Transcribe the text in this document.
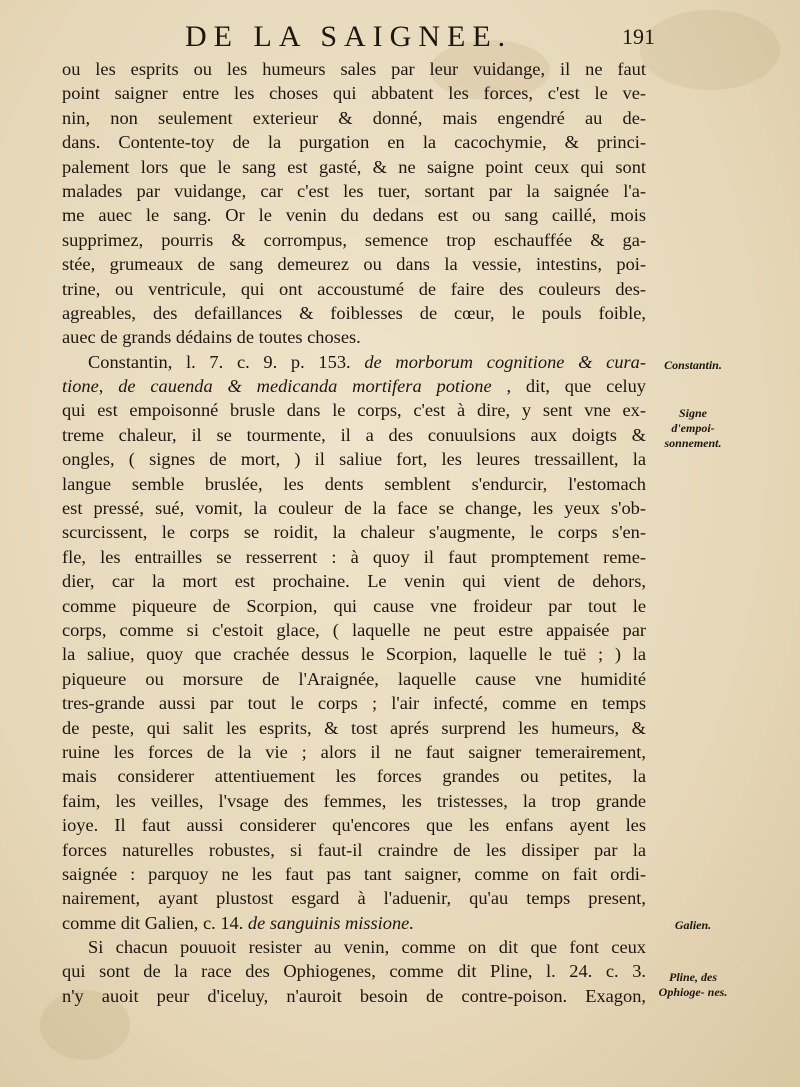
DE LA SAIGNEE.	191
ou les esprits ou les humeurs sales par leur vuidange, il ne faut
point saigner entre les choses qui abbatent les forces, c'est le ve-
nin, non seulement exterieur & donné, mais engendré au de-
dans. Contente-toy de la purgation en la cacochymie, & princi-
palement lors que le sang est gasté, & ne saigne point ceux qui sont
malades par vuidange, car c'est les tuer, sortant par la saignée l'a-
me auec le sang. Or le venin du dedans est ou sang caillé, mois
supprimez, pourris & corrompus, semence trop eschauffée & ga-
stée, grumeaux de sang demeurez ou dans la vessie, intestins, poi-
trine, ou ventricule, qui ont accoustumé de faire des couleurs des-
agreables, des defaillances & foiblesses de cœur, le pouls foible,
auec de grands dédains de toutes choses.
Constantin, l. 7. c. 9. p. 153. de morborum cognitione & cura-
tione, de cauenda & medicanda mortifera potione , dit, que celuy
qui est empoisonné brusle dans le corps, c'est à dire, y sent vne ex-
treme chaleur, il se tourmente, il a des conuulsions aux doigts &
ongles, ( signes de mort, ) il saliue fort, les leures tressaillent, la
langue semble bruslée, les dents semblent s'endurcir, l'estomach
est pressé, sué, vomit, la couleur de la face se change, les yeux s'ob-
scurcissent, le corps se roidit, la chaleur s'augmente, le corps s'en-
fle, les entrailles se resserrent : à quoy il faut promptement reme-
dier, car la mort est prochaine. Le venin qui vient de dehors,
comme piqueure de Scorpion, qui cause vne froideur par tout le
corps, comme si c'estoit glace, ( laquelle ne peut estre appaisée par
la saliue, quoy que crachée dessus le Scorpion, laquelle le tuë ; ) la
piqueure ou morsure de l'Araignée, laquelle cause vne humidité
tres-grande aussi par tout le corps ; l'air infecté, comme en temps
de peste, qui salit les esprits, & tost aprés surprend les humeurs, &
ruine les forces de la vie ; alors il ne faut saigner temerairement,
mais considerer attentiuement les forces grandes ou petites, la
faim, les veilles, l'vsage des femmes, les tristesses, la trop grande
ioye. Il faut aussi considerer qu'encores que les enfans ayent les
forces naturelles robustes, si faut-il craindre de les dissiper par la
saignée : parquoy ne les faut pas tant saigner, comme on fait ordi-
nairement, ayant plustost esgard à l'aduenir, qu'au temps present,
comme dit Galien, c. 14. de sanguinis missione.
Si chacun pouuoit resister au venin, comme on dit que font ceux
qui sont de la race des Ophiogenes, comme dit Pline, l. 24. c. 3.
n'y auoit peur d'iceluy, n'auroit besoin de contre-poison. Exagon,
Constantin.
Signe d'empoi- sonnement.
Galien.
Pline, des Ophioge- nes.
